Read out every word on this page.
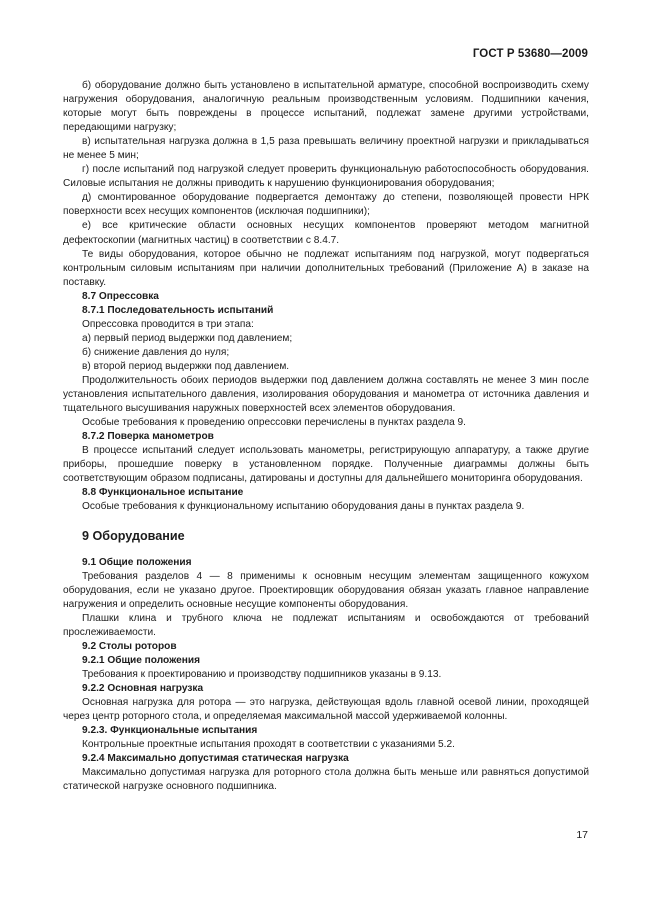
ГОСТ Р 53680—2009

б) оборудование должно быть установлено в испытательной арматуре, способной воспроизводить схему нагружения оборудования, аналогичную реальным производственным условиям. Подшипники качения, которые могут быть повреждены в процессе испытаний, подлежат замене другими устройствами, передающими нагрузку;

в) испытательная нагрузка должна в 1,5 раза превышать величину проектной нагрузки и прикладываться не менее 5 мин;

г) после испытаний под нагрузкой следует проверить функциональную работоспособность оборудования. Силовые испытания не должны приводить к нарушению функционирования оборудования;

д) смонтированное оборудование подвергается демонтажу до степени, позволяющей провести НРК поверхности всех несущих компонентов (исключая подшипники);

е) все критические области основных несущих компонентов проверяют методом магнитной дефектоскопии (магнитных частиц) в соответствии с 8.4.7.

Те виды оборудования, которое обычно не подлежат испытаниям под нагрузкой, могут подвергаться контрольным силовым испытаниям при наличии дополнительных требований (Приложение А) в заказе на поставку.

8.7 Опрессовка

8.7.1 Последовательность испытаний

Опрессовка проводится в три этапа:

а) первый период выдержки под давлением;

б) снижение давления до нуля;

в) второй период выдержки под давлением.

Продолжительность обоих периодов выдержки под давлением должна составлять не менее 3 мин после установления испытательного давления, изолирования оборудования и манометра от источника давления и тщательного высушивания наружных поверхностей всех элементов оборудования.

Особые требования к проведению опрессовки перечислены в пунктах раздела 9.

8.7.2 Поверка манометров

В процессе испытаний следует использовать манометры, регистрирующую аппаратуру, а также другие приборы, прошедшие поверку в установленном порядке. Полученные диаграммы должны быть соответствующим образом подписаны, датированы и доступны для дальнейшего мониторинга оборудования.

8.8 Функциональное испытание

Особые требования к функциональному испытанию оборудования даны в пунктах раздела 9.

9 Оборудование

9.1 Общие положения

Требования разделов 4 — 8 применимы к основным несущим элементам защищенного кожухом оборудования, если не указано другое. Проектировщик оборудования обязан указать главное направление нагружения и определить основные несущие компоненты оборудования.

Плашки клина и трубного ключа не подлежат испытаниям и освобождаются от требований прослеживаемости.

9.2 Столы роторов

9.2.1 Общие положения

Требования к проектированию и производству подшипников указаны в 9.13.

9.2.2 Основная нагрузка

Основная нагрузка для ротора — это нагрузка, действующая вдоль главной осевой линии, проходящей через центр роторного стола, и определяемая максимальной массой удерживаемой колонны.

9.2.3. Функциональные испытания

Контрольные проектные испытания проходят в соответствии с указаниями 5.2.

9.2.4 Максимально допустимая статическая нагрузка

Максимально допустимая нагрузка для роторного стола должна быть меньше или равняться допустимой статической нагрузке основного подшипника.

17
